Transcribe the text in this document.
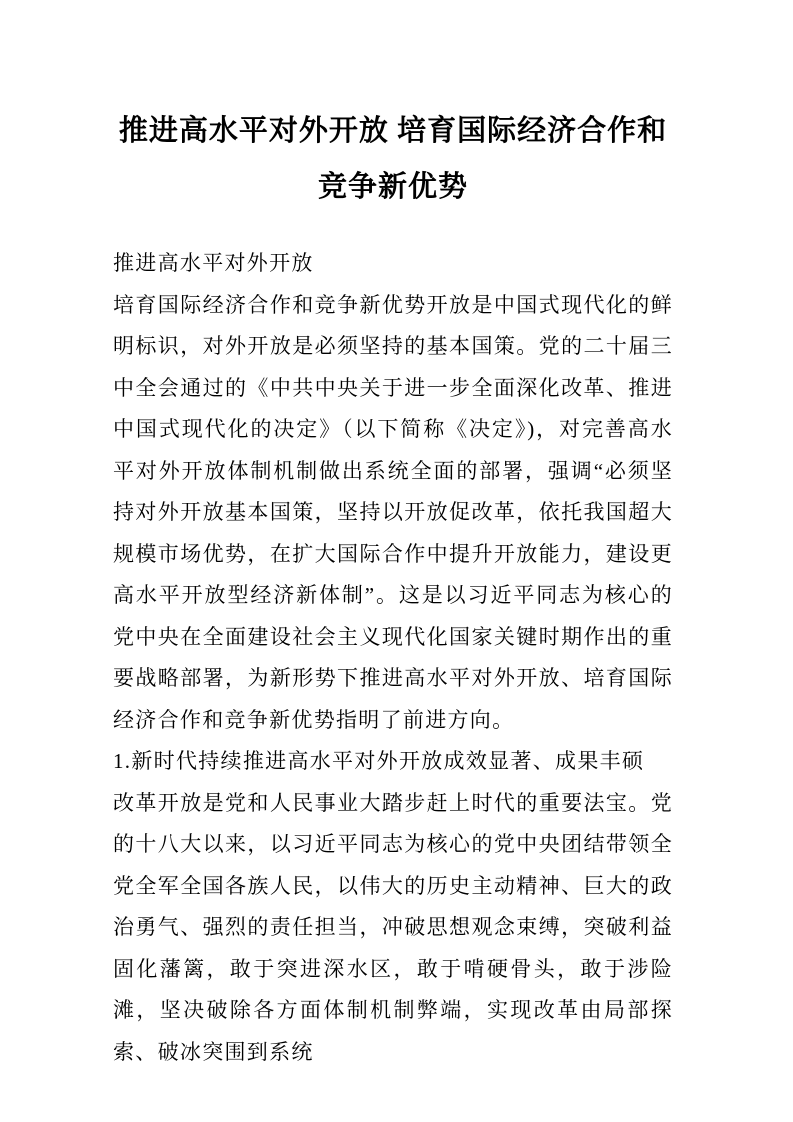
推进高水平对外开放 培育国际经济合作和
竞争新优势

推进高水平对外开放

培育国际经济合作和竞争新优势开放是中国式现代化的鲜明标识，对外开放是必须坚持的基本国策。党的二十届三中全会通过的《中共中央关于进一步全面深化改革、推进中国式现代化的决定》（以下简称《决定》)，对完善高水平对外开放体制机制做出系统全面的部署，强调“必须坚持对外开放基本国策，坚持以开放促改革，依托我国超大规模市场优势，在扩大国际合作中提升开放能力，建设更高水平开放型经济新体制”。这是以习近平同志为核心的党中央在全面建设社会主义现代化国家关键时期作出的重要战略部署，为新形势下推进高水平对外开放、培育国际经济合作和竞争新优势指明了前进方向。

1.新时代持续推进高水平对外开放成效显著、成果丰硕

改革开放是党和人民事业大踏步赶上时代的重要法宝。党的十八大以来，以习近平同志为核心的党中央团结带领全党全军全国各族人民，以伟大的历史主动精神、巨大的政治勇气、强烈的责任担当，冲破思想观念束缚，突破利益固化藩篱，敢于突进深水区，敢于啃硬骨头，敢于涉险滩，坚决破除各方面体制机制弊端，实现改革由局部探索、破冰突围到系统
